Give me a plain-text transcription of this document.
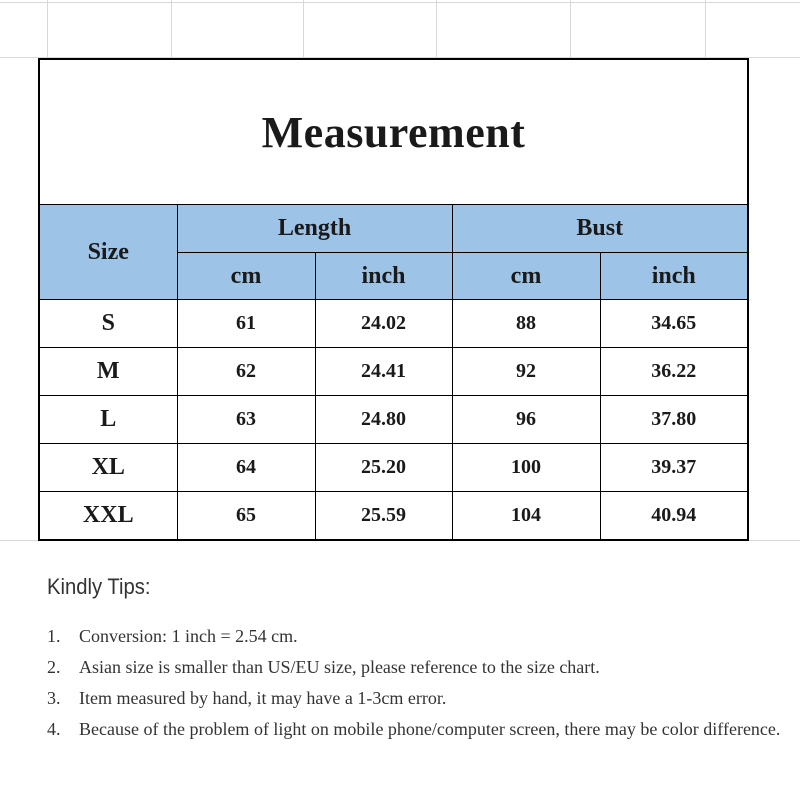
Measurement				
Size	Length		Bust	
	cm	inch	cm	inch
S	61	24.02	88	34.65
M	62	24.41	92	36.22
L	63	24.80	96	37.80
XL	64	25.20	100	39.37
XXL	65	25.59	104	40.94
Kindly Tips:
1. Conversion: 1 inch = 2.54 cm.
2. Asian size is smaller than US/EU size, please reference to the size chart.
3. Item measured by hand, it may have a 1-3cm error.
4. Because of the problem of light on mobile phone/computer screen, there may be color difference.
